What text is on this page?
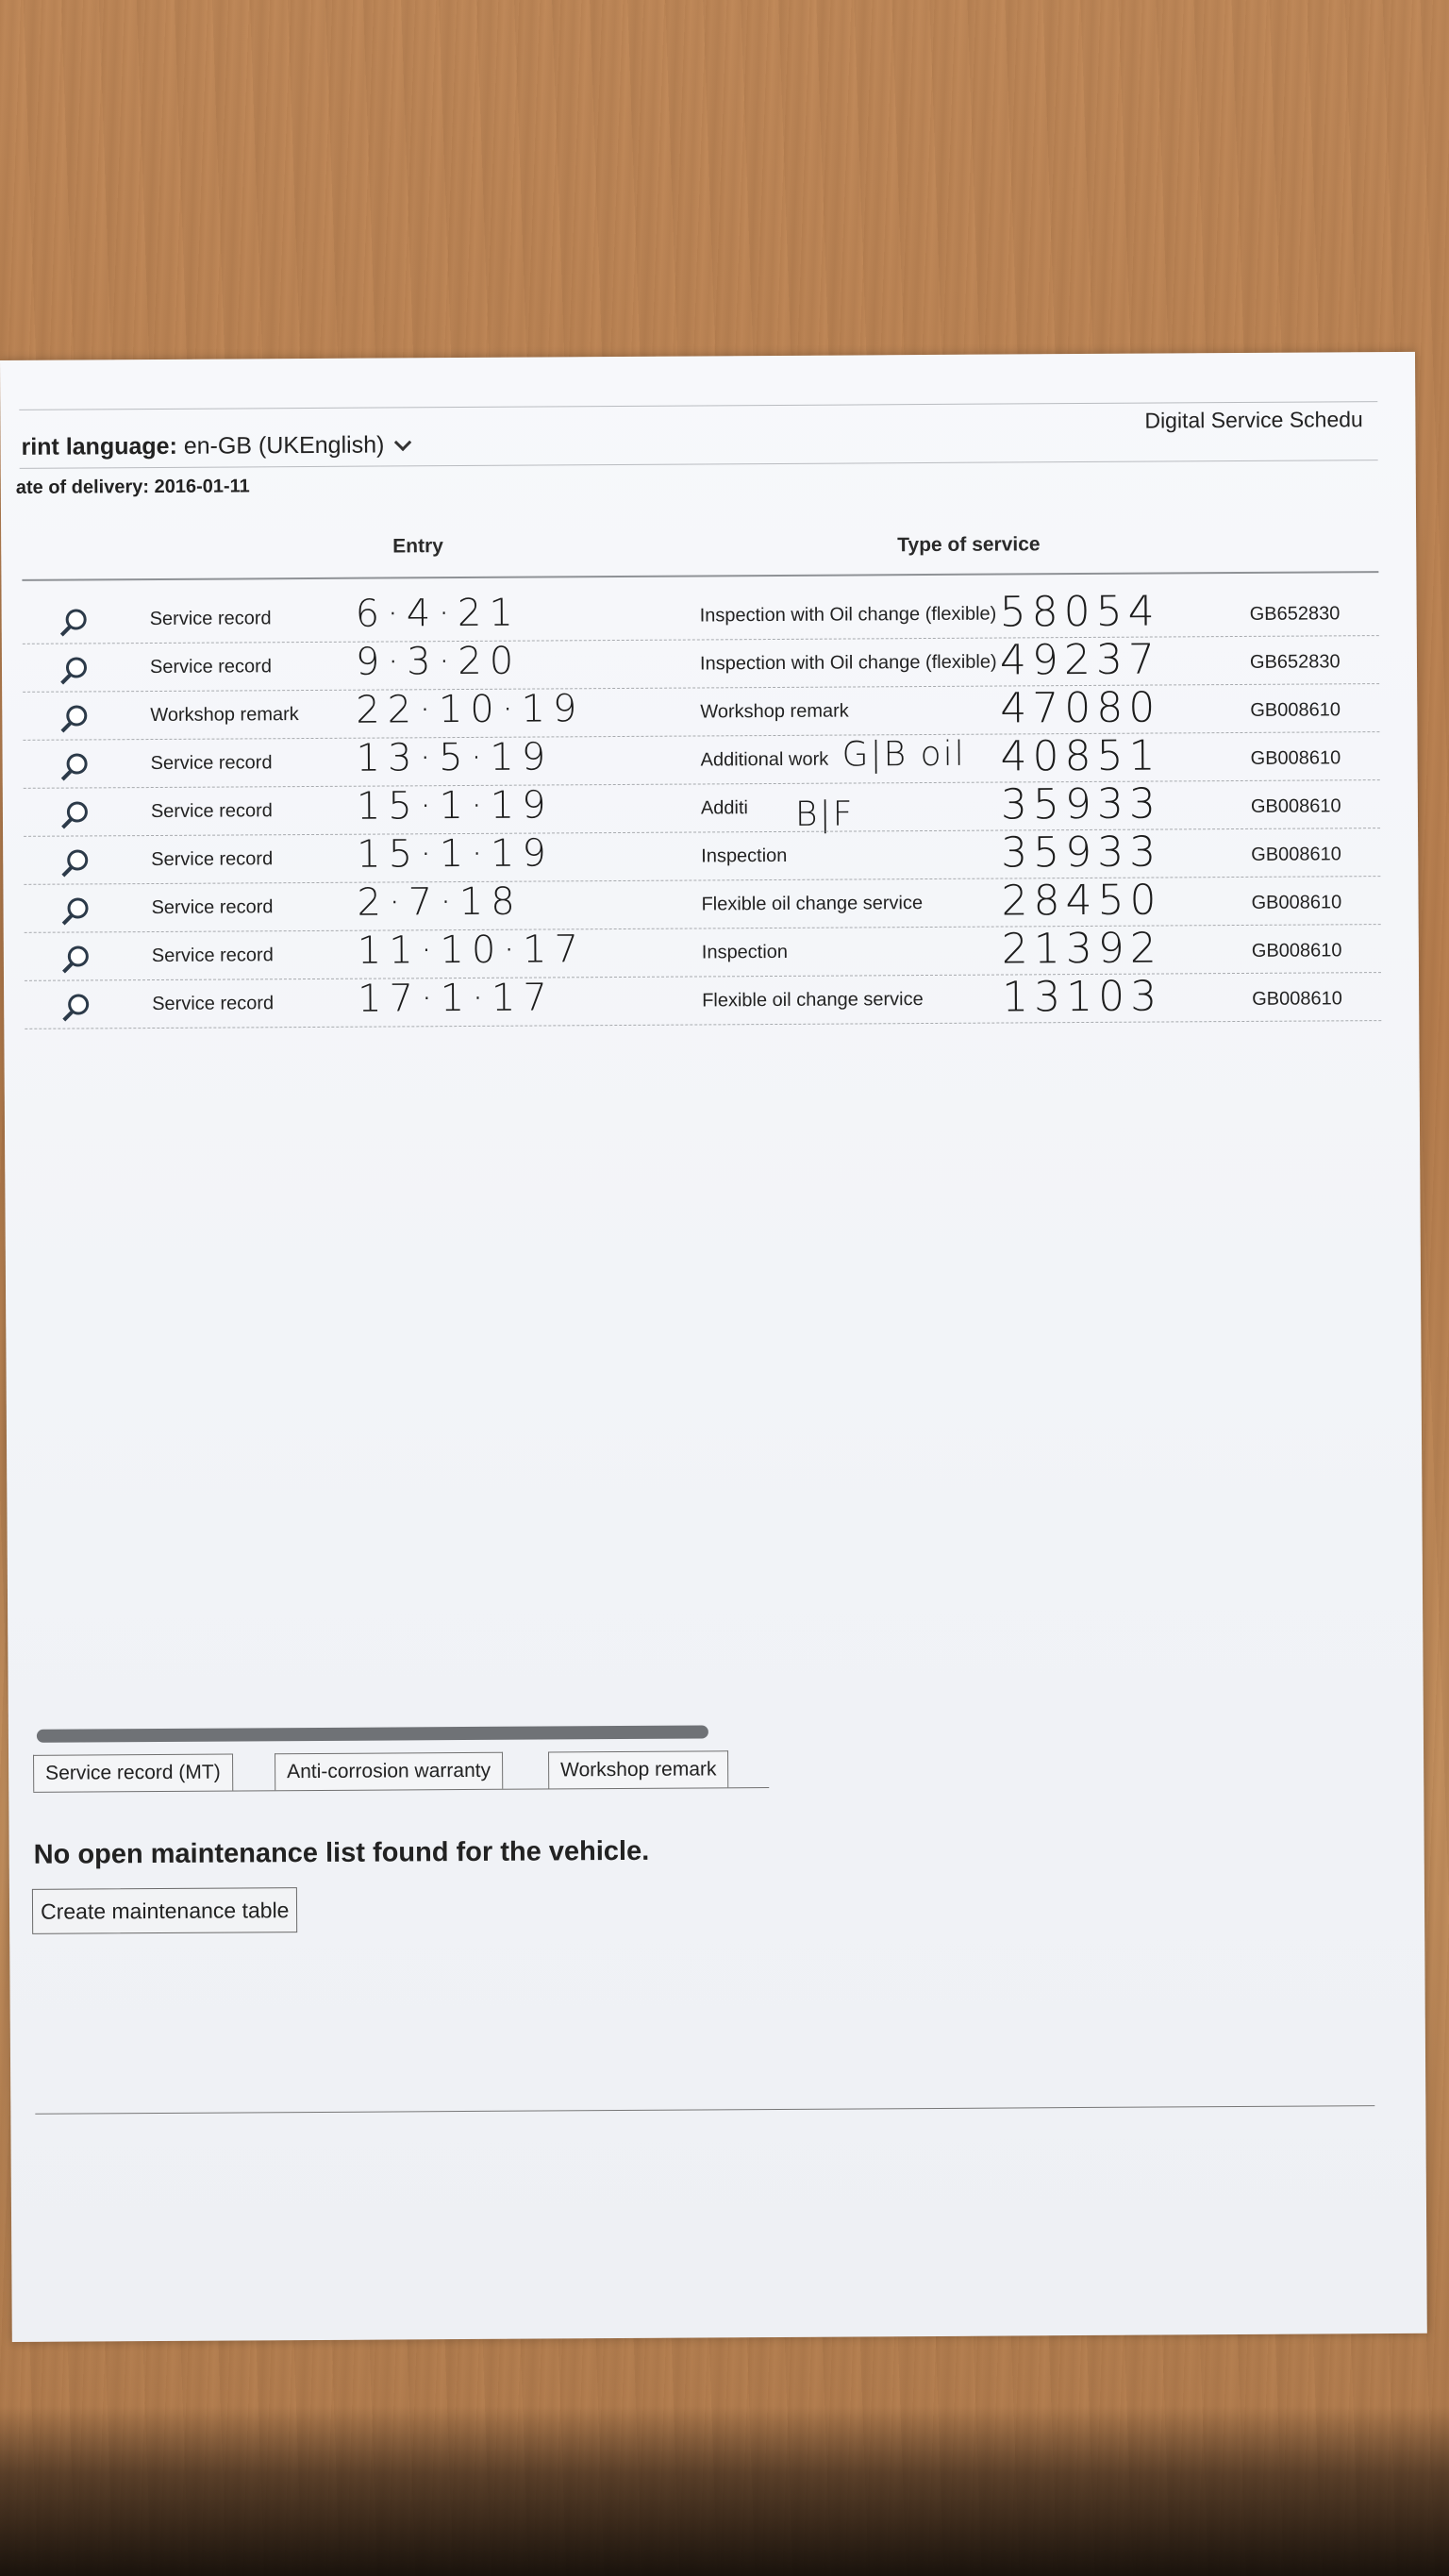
Digital Service Schedu
rint language: en-GB (UKEnglish)
ate of delivery: 2016-01-11
Entry	Type of service
Service record 6·4·21	Inspection with Oil change (flexible) 58054	GB652830
Service record 9·3·20	Inspection with Oil change (flexible) 49237	GB652830
Workshop remark 22·10·19	Workshop remark	47080	GB008610
Service record 13·5·19	Additional work G|B oil 40851	GB008610
Service record 15·1·19	Additi B|F	35933	GB008610
Service record 15·1·19	Inspection	35933	GB008610
Service record 2·7·18	Flexible oil change service 28450	GB008610
Service record 11·10·17	Inspection	21392	GB008610
Service record 17·1·17	Flexible oil change service 13103	GB008610
Service record (MT)	Anti-corrosion warranty	Workshop remark
No open maintenance list found for the vehicle.
Create maintenance table
